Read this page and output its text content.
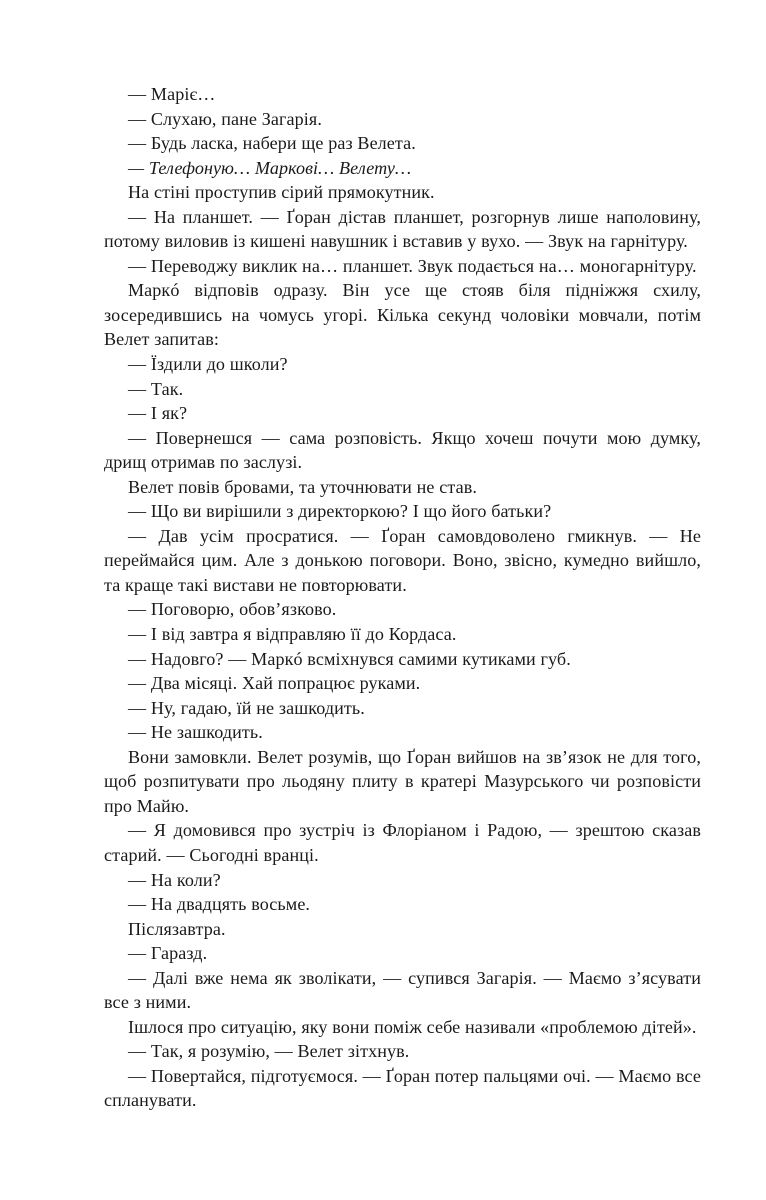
— Маріє…

— Слухаю, пане Загарія.

— Будь ласка, набери ще раз Велета.

— Телефоную… Маркові… Велету…

На стіні проступив сірий прямокутник.

— На планшет. — Ґоран дістав планшет, розгорнув лише наполовину, потому виловив із кишені навушник і вставив у вухо. — Звук на гарнітуру.

— Переводжу виклик на… планшет. Звук подається на… моногарнітуру.

Маркó відповів одразу. Він усе ще стояв біля підніжжя схилу, зосередившись на чомусь угорі. Кілька секунд чоловіки мовчали, потім Велет запитав:

— Їздили до школи?

— Так.

— І як?

— Повернешся — сама розповість. Якщо хочеш почути мою думку, дрищ отримав по заслузі.

Велет повів бровами, та уточнювати не став.

— Що ви вирішили з директоркою? І що його батьки?

— Дав усім просратися. — Ґоран самовдоволено гмикнув. — Не переймайся цим. Але з донькою поговори. Воно, звісно, кумедно вийшло, та краще такі вистави не повторювати.

— Поговорю, обов’язково.

— І від завтра я відправляю її до Кордаса.

— Надовго? — Маркó всміхнувся самими кутиками губ.

— Два місяці. Хай попрацює руками.

— Ну, гадаю, їй не зашкодить.

— Не зашкодить.

Вони замовкли. Велет розумів, що Ґоран вийшов на зв’язок не для того, щоб розпитувати про льодяну плиту в кратері Мазурського чи розповісти про Майю.

— Я домовився про зустріч із Флоріаном і Радою, — зрештою сказав старий. — Сьогодні вранці.

— На коли?

— На двадцять восьме.

Післязавтра.

— Гаразд.

— Далі вже нема як зволікати, — супився Загарія. — Маємо з’ясувати все з ними.

Ішлося про ситуацію, яку вони поміж себе називали «проблемою дітей».

— Так, я розумію, — Велет зітхнув.

— Повертайся, підготуємося. — Ґоран потер пальцями очі. — Маємо все спланувати.
